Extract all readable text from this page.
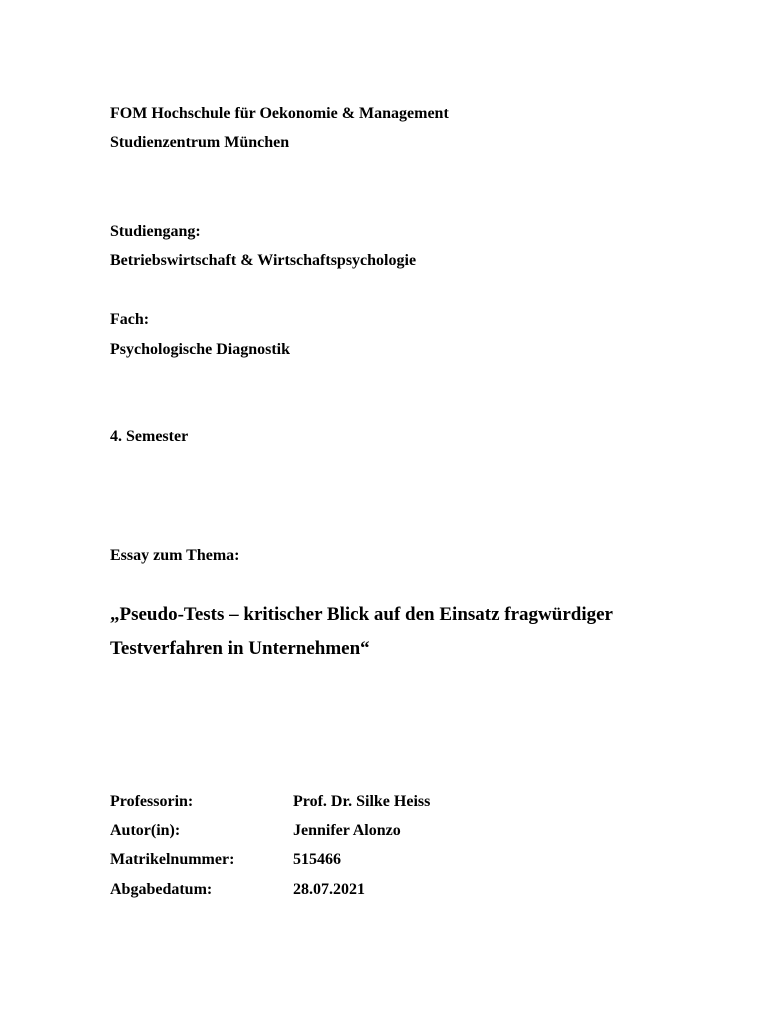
FOM Hochschule für Oekonomie & Management
Studienzentrum München
Studiengang:
Betriebswirtschaft & Wirtschaftspsychologie
Fach:
Psychologische Diagnostik
4. Semester
Essay zum Thema:
„Pseudo-Tests – kritischer Blick auf den Einsatz fragwürdiger
Testverfahren in Unternehmen“
Professorin:	Prof. Dr. Silke Heiss
Autor(in):	Jennifer Alonzo
Matrikelnummer:	515466
Abgabedatum:	28.07.2021
